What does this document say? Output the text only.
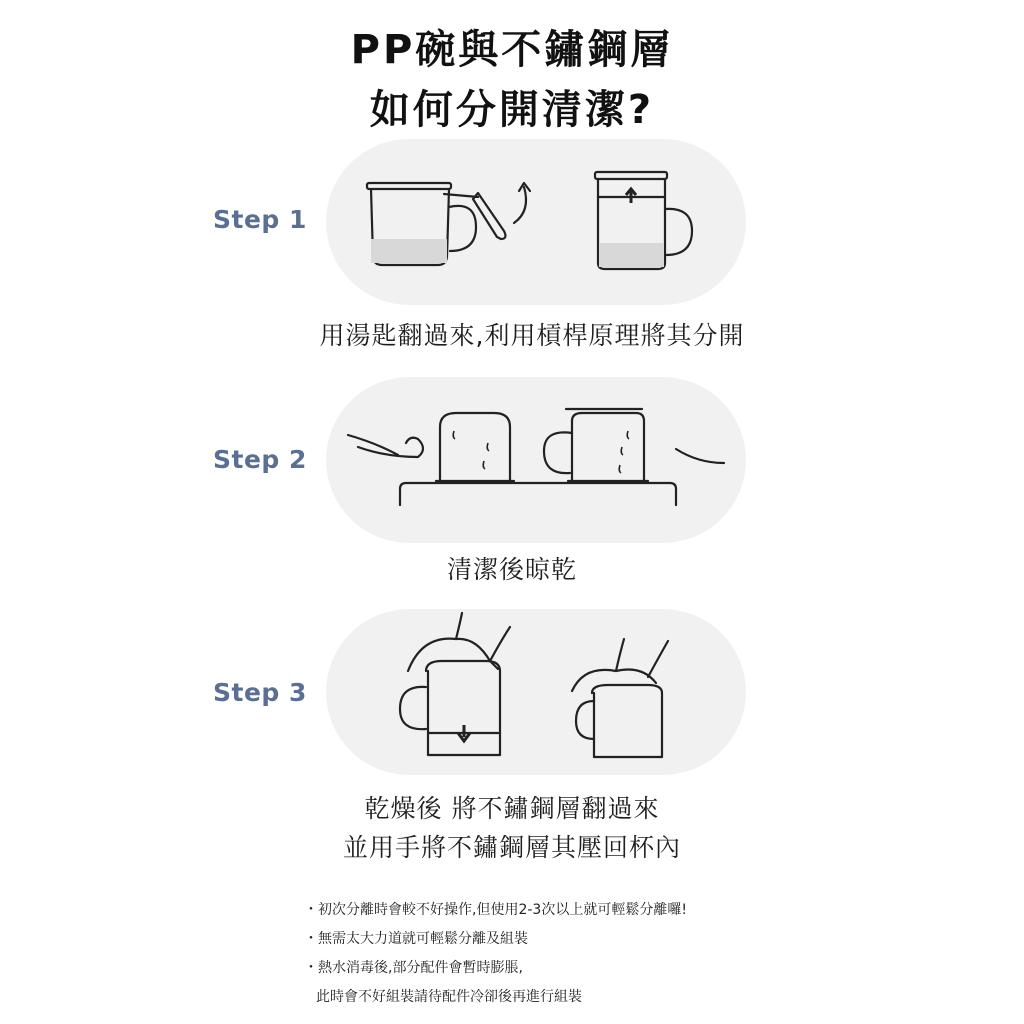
PP碗與不鏽鋼層
如何分開清潔?
Step 1
用湯匙翻過來,利用槓桿原理將其分開
Step 2
清潔後晾乾
Step 3
乾燥後 將不鏽鋼層翻過來
並用手將不鏽鋼層其壓回杯內
・初次分離時會較不好操作,但使用2-3次以上就可輕鬆分離囉!
・無需太大力道就可輕鬆分離及組裝
・熱水消毒後,部分配件會暫時膨脹,
此時會不好組裝請待配件冷卻後再進行組裝
